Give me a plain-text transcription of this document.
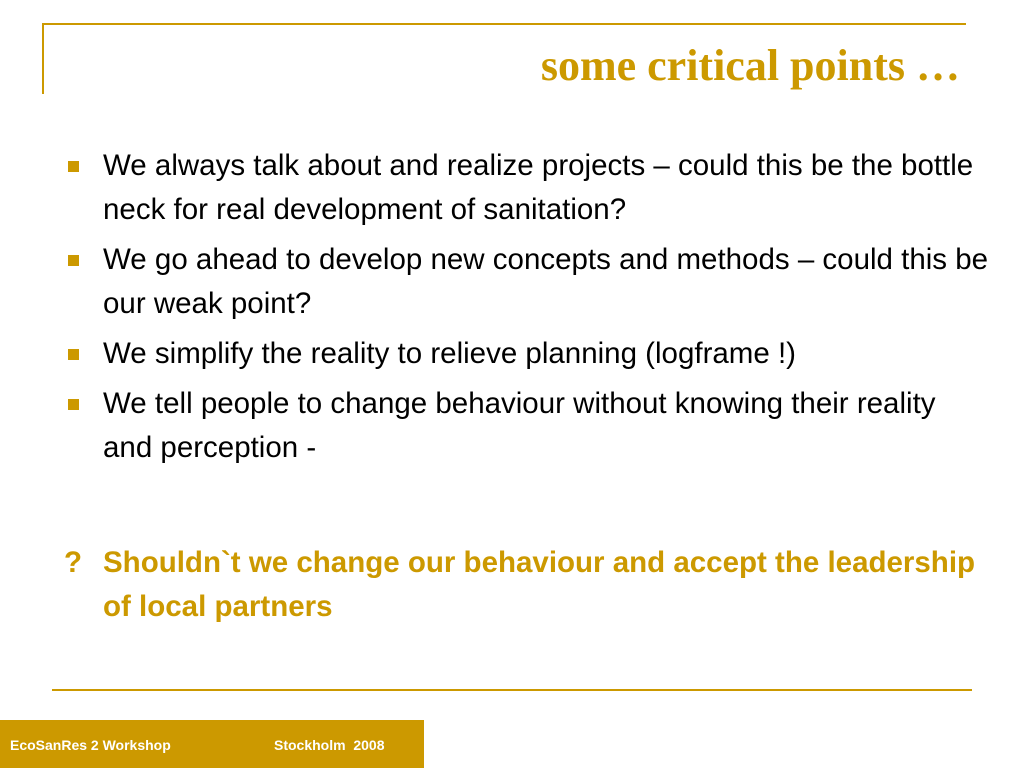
some critical points …
We always talk about and realize projects – could this be the bottle neck for real development of sanitation?
We go ahead to develop new concepts and methods – could this be our weak point?
We simplify the reality to relieve planning (logframe !)
We tell people to change behaviour without knowing their reality and perception -
? Shouldn`t we change our behaviour and accept the leadership of local partners
EcoSanRes 2 Workshop	Stockholm  2008
